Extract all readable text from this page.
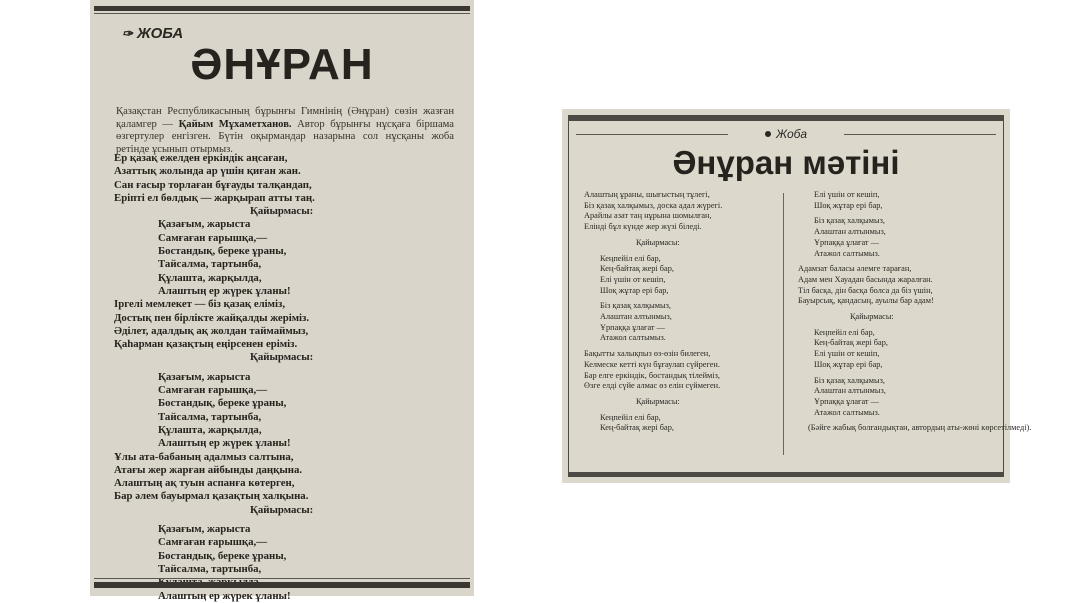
✑ ЖОБА
ӘНҰРАН
Қазақстан Республикасының бұрынғы Гимнінің (Әнұран) сөзін жазған қаламгер — Қайым Мұхаметханов. Автор бұрынғы нұсқаға біршама өзгертулер енгізген. Бүтін оқырмандар назарына сол нұсқаны жоба ретінде ұсынып отырмыз.
Ер қазақ ежелден еркіндік аңсаған,
Азаттық жолында ар үшін қиған жан.
Сан ғасыр торлаған бұғауды талқандап,
Еріпті ел бөлдық — жарқырап атты таң.
Қайырмасы:
Қазағым, жарыста
Самғаған ғарышқа,—
Бостандық, береке ұраны,
Тайсалма, тартынба,
Құлашта, жарқылда,
Алаштың ер жүрек ұланы!
Іргелі мемлекет — біз қазақ еліміз,
Достық пен бірлікте жайқалды жеріміз.
Әділет, адалдық ақ жолдан таймаймыз,
Қаһарман қазақтың еңірсенен еріміз.
Қайырмасы:
Қазағым, жарыста
Самғаған ғарышқа,—
Бостандық, береке ұраны,
Тайсалма, тартынба,
Құлашта, жарқылда,
Алаштың ер жүрек ұланы!
Ұлы ата-бабаның адалмыз салтына,
Атағы жер жарған айбынды даңқына.
Алаштың ақ туын аспанға көтерген,
Бар әлем бауырмал қазақтың халқына.
Қайырмасы:
Қазағым, жарыста
Самғаған ғарышқа,—
Бостандық, береке ұраны,
Тайсалма, тартынба,
Алаштың ер жүрек ұланы!
Жоба
Әнұран мәтіні
Алаштың ұраны, шығыстың тұлегі,
Біз қазақ халқымыз, доска адал жүрегі.
Арайлы азат таң нұрына шомылған,
Елінді бұл күнде жер жүзі біледі.
Қайырмасы:
Кеңпейіл елі бар,
Кең-байтақ жері бар,
Елі үшін от кешіп,
Шоқ жұтар ері бар,
Біз қазақ халқымыз,
Алаштан алтынмыз,
Ұрпаққа ұлағат —
Атажол салтымыз.
Бақытты халықпыз өз-өзін билеген,
Келмеске кетті күн бұғаулап сүйреген.
Бар елге еркіндік, бостандық тілейміз,
Өзге елді сүйе алмас өз елін сүймеген.
Қайырмасы:
Кеңпейіл елі бар,
Кең-байтақ жері бар,
Елі үшін от кешіп,
Шоқ жұтар ері бар,
Біз қазақ халқымыз,
Алаштан алтынмыз,
Ұрпаққа ұлағат —
Атажол салтымыз.
Адамзат баласы әлемге тараған,
Адам мен Хауадан басында жаралған.
Тіл басқа, дін басқа болса да біз үшін,
Бауырсық, қандасың, ауылы бар адам!
Қайырмасы:
Кеңпейіл елі бар,
Кең-байтақ жері бар,
Елі үшін от кешіп,
Шоқ жұтар ері бар,
Біз қазақ халқымыз,
Алаштан алтынмыз,
Ұрпаққа ұлағат —
Атажол салтымыз.
(Бәйге жабық болғандықтан, автордың аты-жөні көрсетілмеді).
